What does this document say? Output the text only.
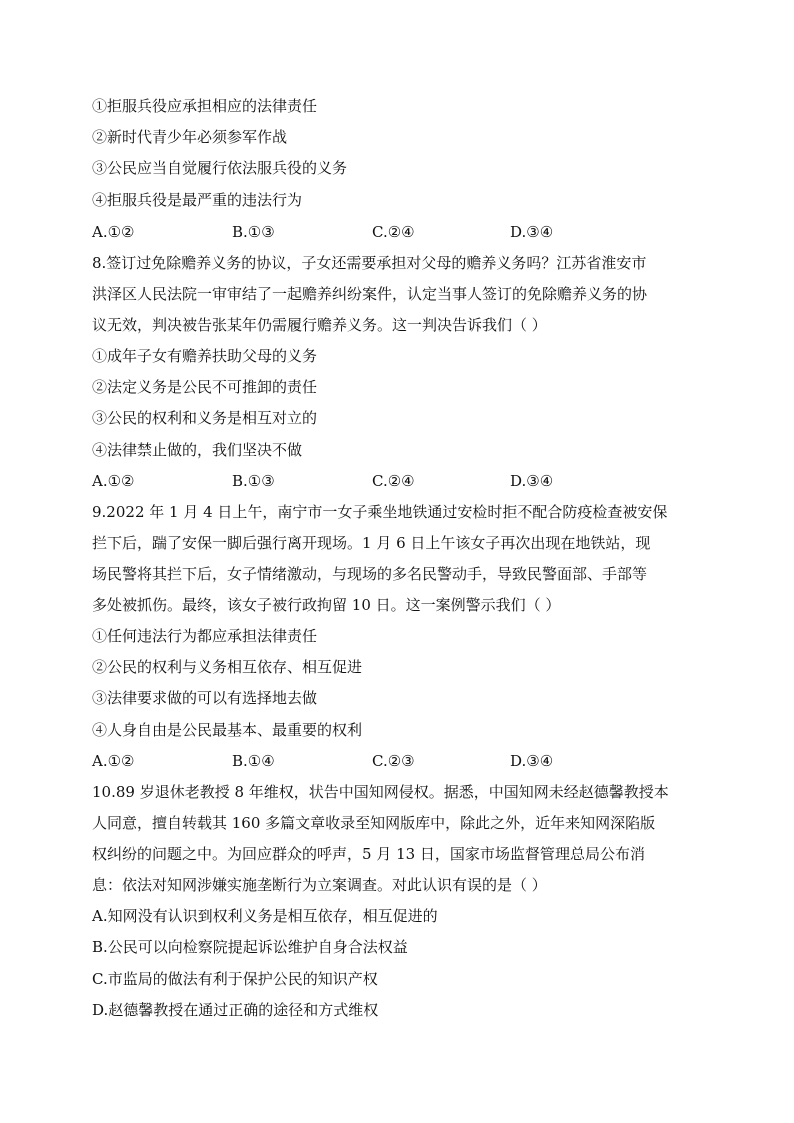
①拒服兵役应承担相应的法律责任
②新时代青少年必须参军作战
③公民应当自觉履行依法服兵役的义务
④拒服兵役是最严重的违法行为
A.①②	B.①③	C.②④	D.③④
8.签订过免除赡养义务的协议，子女还需要承担对父母的赡养义务吗？江苏省淮安市
洪泽区人民法院一审审结了一起赡养纠纷案件，认定当事人签订的免除赡养义务的协
议无效，判决被告张某年仍需履行赡养义务。这一判决告诉我们（ ）
①成年子女有赡养扶助父母的义务
②法定义务是公民不可推卸的责任
③公民的权利和义务是相互对立的
④法律禁止做的，我们坚决不做
A.①②	B.①③	C.②④	D.③④
9.2022 年 1 月 4 日上午，南宁市一女子乘坐地铁通过安检时拒不配合防疫检查被安保
拦下后，踹了安保一脚后强行离开现场。1 月 6 日上午该女子再次出现在地铁站，现
场民警将其拦下后，女子情绪激动，与现场的多名民警动手，导致民警面部、手部等
多处被抓伤。最终，该女子被行政拘留 10 日。这一案例警示我们（ ）
①任何违法行为都应承担法律责任
②公民的权利与义务相互依存、相互促进
③法律要求做的可以有选择地去做
④人身自由是公民最基本、最重要的权利
A.①②	B.①④	C.②③	D.③④
10.89 岁退休老教授 8 年维权，状告中国知网侵权。据悉，中国知网未经赵德馨教授本
人同意，擅自转载其 160 多篇文章收录至知网版库中，除此之外，近年来知网深陷版
权纠纷的问题之中。为回应群众的呼声，5 月 13 日，国家市场监督管理总局公布消
息：依法对知网涉嫌实施垄断行为立案调查。对此认识有误的是（ ）
A.知网没有认识到权利义务是相互依存，相互促进的
B.公民可以向检察院提起诉讼维护自身合法权益
C.市监局的做法有利于保护公民的知识产权
D.赵德馨教授在通过正确的途径和方式维权
